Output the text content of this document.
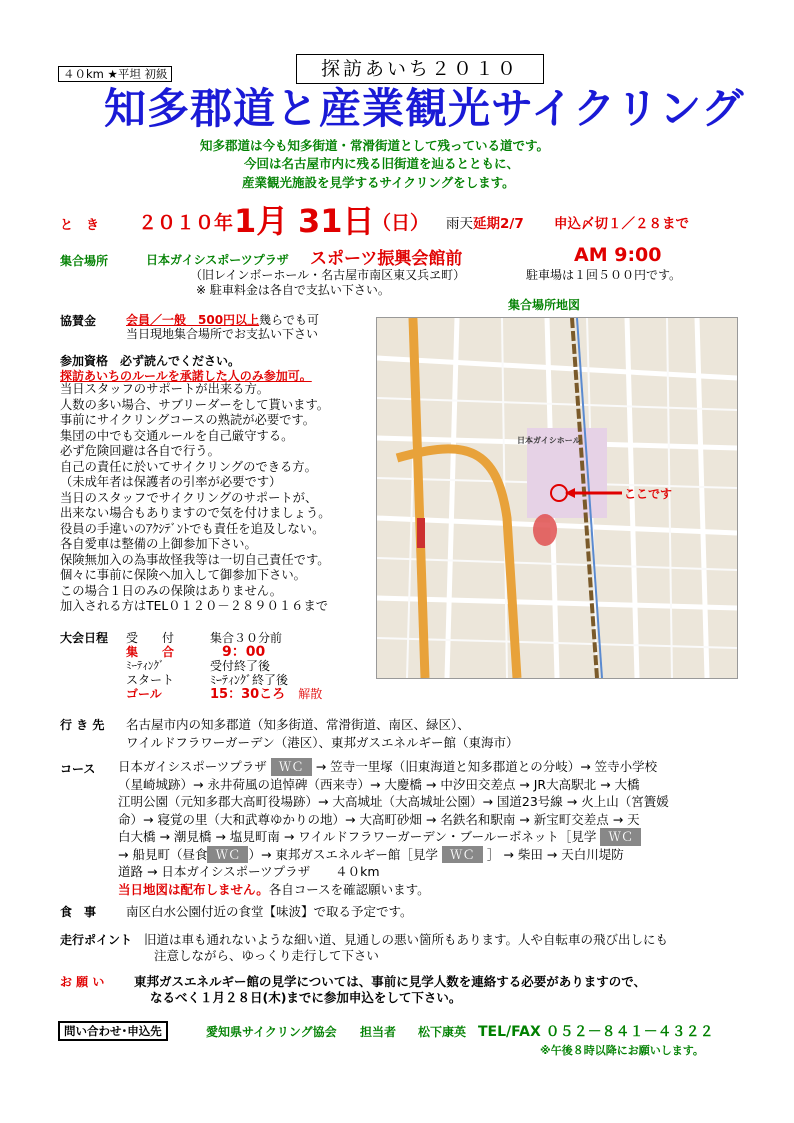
４０km ★平坦 初級	探訪あいち２０１０
知多郡道と産業観光サイクリング
知多郡道は今も知多街道・常滑街道として残っている道です。
今回は名古屋市内に残る旧街道を辿るとともに、
産業観光施設を見学するサイクリングをします。
と　き ２０１０年 1月 31日
（日） 雨天延期2/7 申込〆切１／２８まで
集合場所	日本ガイシスポーツプラザ スポーツ振興会館前	AM 9:00
（旧レインボーホール・名古屋市南区東又兵ヱ町）	駐車場は１回５００円です。
※ 駐車料金は各自で支払い下さい。
集合場所地図
協賛金 会員／一般　500円以上幾らでも可
当日現地集合場所でお支払い下さい
参加資格　 必ず読んでください。
探訪あいちのルールを承諾した人のみ参加可。
当日スタッフのサポートが出来る方。
人数の多い場合、サブリーダーをして貰います。
事前にサイクリングコースの熟読が必要です。
集団の中でも交通ルールを自己厳守する。
必ず危険回避は各自で行う。
自己の責任に於いてサイクリングのできる方。
（未成年者は保護者の引率が必要です）
当日のスタッフでサイクリングのサポートが、
出来ない場合もありますので気を付けましょう。
役員の手違いのｱｸｼﾃﾞﾝﾄでも責任を追及しない。
各自愛車は整備の上御参加下さい。
保険無加入の為事故怪我等は一切自己責任です。
個々に事前に保険へ加入して御参加下さい。
この場合１日のみの保険はありません。
加入される方はTEL０１２０－２８９０１６まで
日本ガイシホール
ここです
大会日程 受　　付	集合３０分前
集　　合	9：00
ﾐｰﾃｨﾝｸﾞ	受付終了後
スタート	ﾐｰﾃｨﾝｸﾞ終了後
ゴール	15：30ころ　 解散
行 き 先 名古屋市内の知多郡道（知多街道、常滑街道、南区、緑区）、
ワイルドフラワーガーデン（港区）、東邦ガスエネルギー館（東海市）
コース 日本ガイシスポーツプラザ ＷＣ → 笠寺一里塚（旧東海道と知多郡道との分岐）→ 笠寺小学校
（星崎城跡）→ 永井荷風の追悼碑（西来寺）→ 大慶橋 → 中汐田交差点 → JR大高駅北 → 大橋
江明公園（元知多郡大高町役場跡）→ 大高城址（大高城址公園）→ 国道23号線 → 火上山（宮簀媛
命）→ 寝覚の里（大和武尊ゆかりの地）→ 大高町砂畑 → 名鉄名和駅南 → 新宝町交差点 → 天
白大橋 → 潮見橋 → 塩見町南 → ワイルドフラワーガーデン・ブールーボネット［見学 ＷＣ
→ 船見町（昼食 ＷＣ ）→ 東邦ガスエネルギー館［見学 ＷＣ ］ → 柴田 → 天白川堤防
道路 → 日本ガイシスポーツプラザ　　４０km
当日地図は配布しません。各自コースを確認願います。
食　事 南区白水公園付近の食堂【味波】で取る予定です。
走行ポイント 旧道は車も通れないような細い道、見通しの悪い箇所もあります。人や自転車の飛び出しにも
注意しながら、ゆっくり走行して下さい
お 願 い 東邦ガスエネルギー館の見学については、事前に見学人数を連絡する必要がありますので、
なるべく１月２８日(木)までに参加申込をして下さい。
問い合わせ･申込先	愛知県サイクリング協会 担当者 松下康英 TEL/FAX ０５２－８４１－４３２２
※午後８時以降にお願いします。
